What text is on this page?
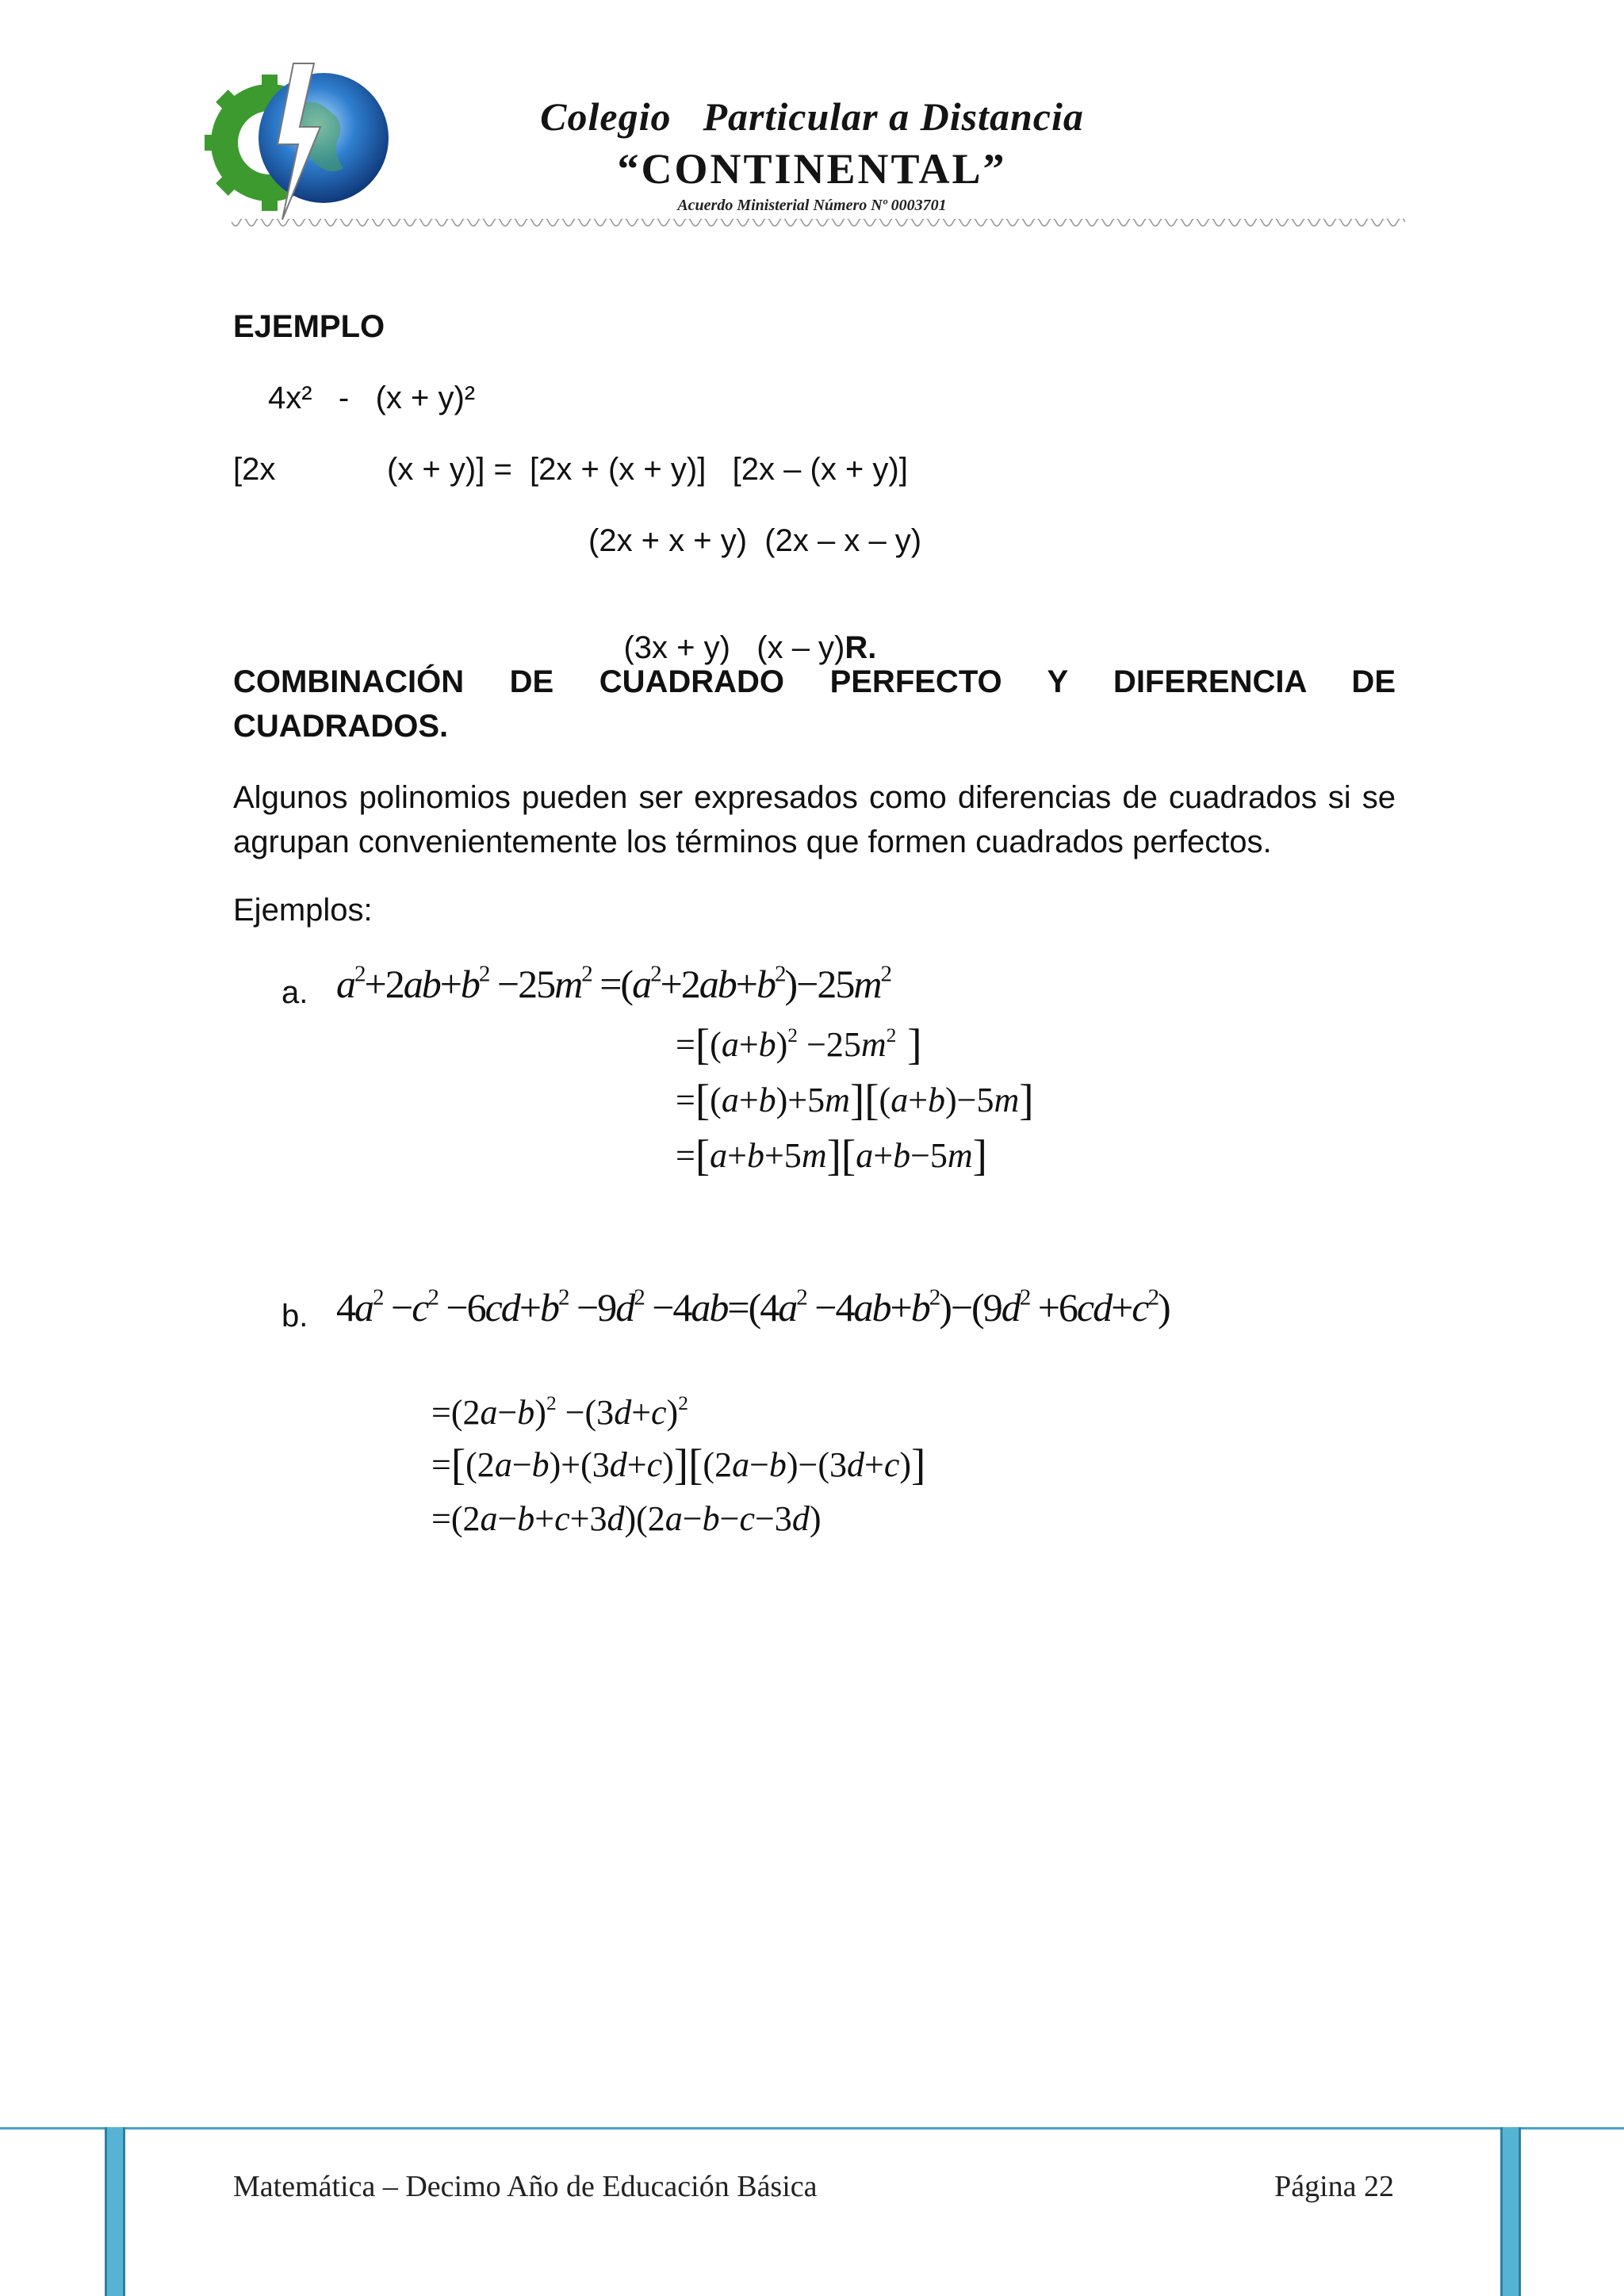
Colegio Particular a Distancia
“CONTINENTAL”
Acuerdo Ministerial Número Nº 0003701
EJEMPLO
4x²   -   (x + y)²
[2x	(x + y)] =  [2x + (x + y)]   [2x – (x + y)]
(2x + x + y)  (2x – x – y)

(3x + y)   (x – y)R.

COMBINACIÓN DE CUADRADO PERFECTO Y DIFERENCIA DE CUADRADOS.
Algunos polinomios pueden ser expresados como diferencias de cuadrados si se agrupan convenientemente los términos que formen cuadrados perfectos.
Ejemplos:
a. $a^2+2ab+b^2 -25m^2 =(a^2+2ab+b^2)-25m^2$
$=[(a+b)^2 -25m^2$ ]
=[(a+b)+5m][(a+b)−5m]
=[a+b+5m][a+b−5m]
b. $4a^2 -c^2 -6cd+b^2 -9d^2 -4ab=(4a^2 -4ab+b^2)-(9d^2 +6cd+c^2)$
$=(2a-b)^2 -(3d+c)^2$
=[(2a−b)+(3d+c)][(2a−b)−(3d+c)]
=(2a−b+c+3d)(2a−b−c−3d)
Matemática – Decimo Año de Educación Básica	Página 22
